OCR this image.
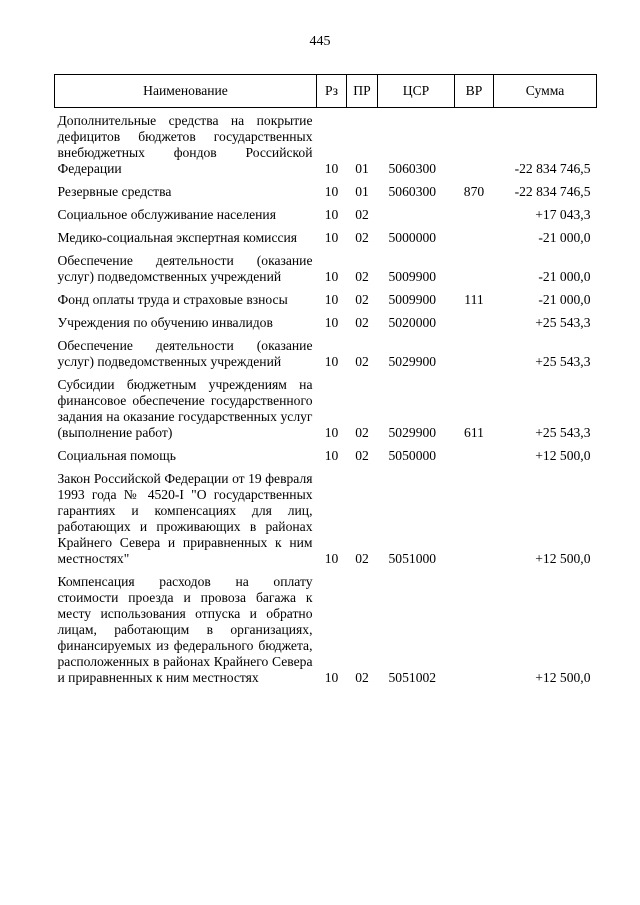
445
Наименование	Рз	ПР	ЦСР	ВР	Сумма
Дополнительные средства на покрытие дефицитов бюджетов государственных внебюджетных фондов Российской Федерации	10	01	5060300		-22 834 746,5
Резервные средства	10	01	5060300	870	-22 834 746,5
Социальное обслуживание населения	10	02			+17 043,3
Медико-социальная экспертная комиссия	10	02	5000000		-21 000,0
Обеспечение деятельности (оказание услуг) подведомственных учреждений	10	02	5009900		-21 000,0
Фонд оплаты труда и страховые взносы	10	02	5009900	111	-21 000,0
Учреждения по обучению инвалидов	10	02	5020000		+25 543,3
Обеспечение деятельности (оказание услуг) подведомственных учреждений	10	02	5029900		+25 543,3
Субсидии бюджетным учреждениям на финансовое обеспечение государственного задания на оказание государственных услуг (выполнение работ)	10	02	5029900	611	+25 543,3
Социальная помощь	10	02	5050000		+12 500,0
Закон Российской Федерации от 19 февраля 1993 года № 4520-I "О государственных гарантиях и компенсациях для лиц, работающих и проживающих в районах Крайнего Севера и приравненных к ним местностях"	10	02	5051000		+12 500,0
Компенсация расходов на оплату стоимости проезда и провоза багажа к месту использования отпуска и обратно лицам, работающим в организациях, финансируемых из федерального бюджета, расположенных в районах Крайнего Севера и приравненных к ним местностях	10	02	5051002		+12 500,0
